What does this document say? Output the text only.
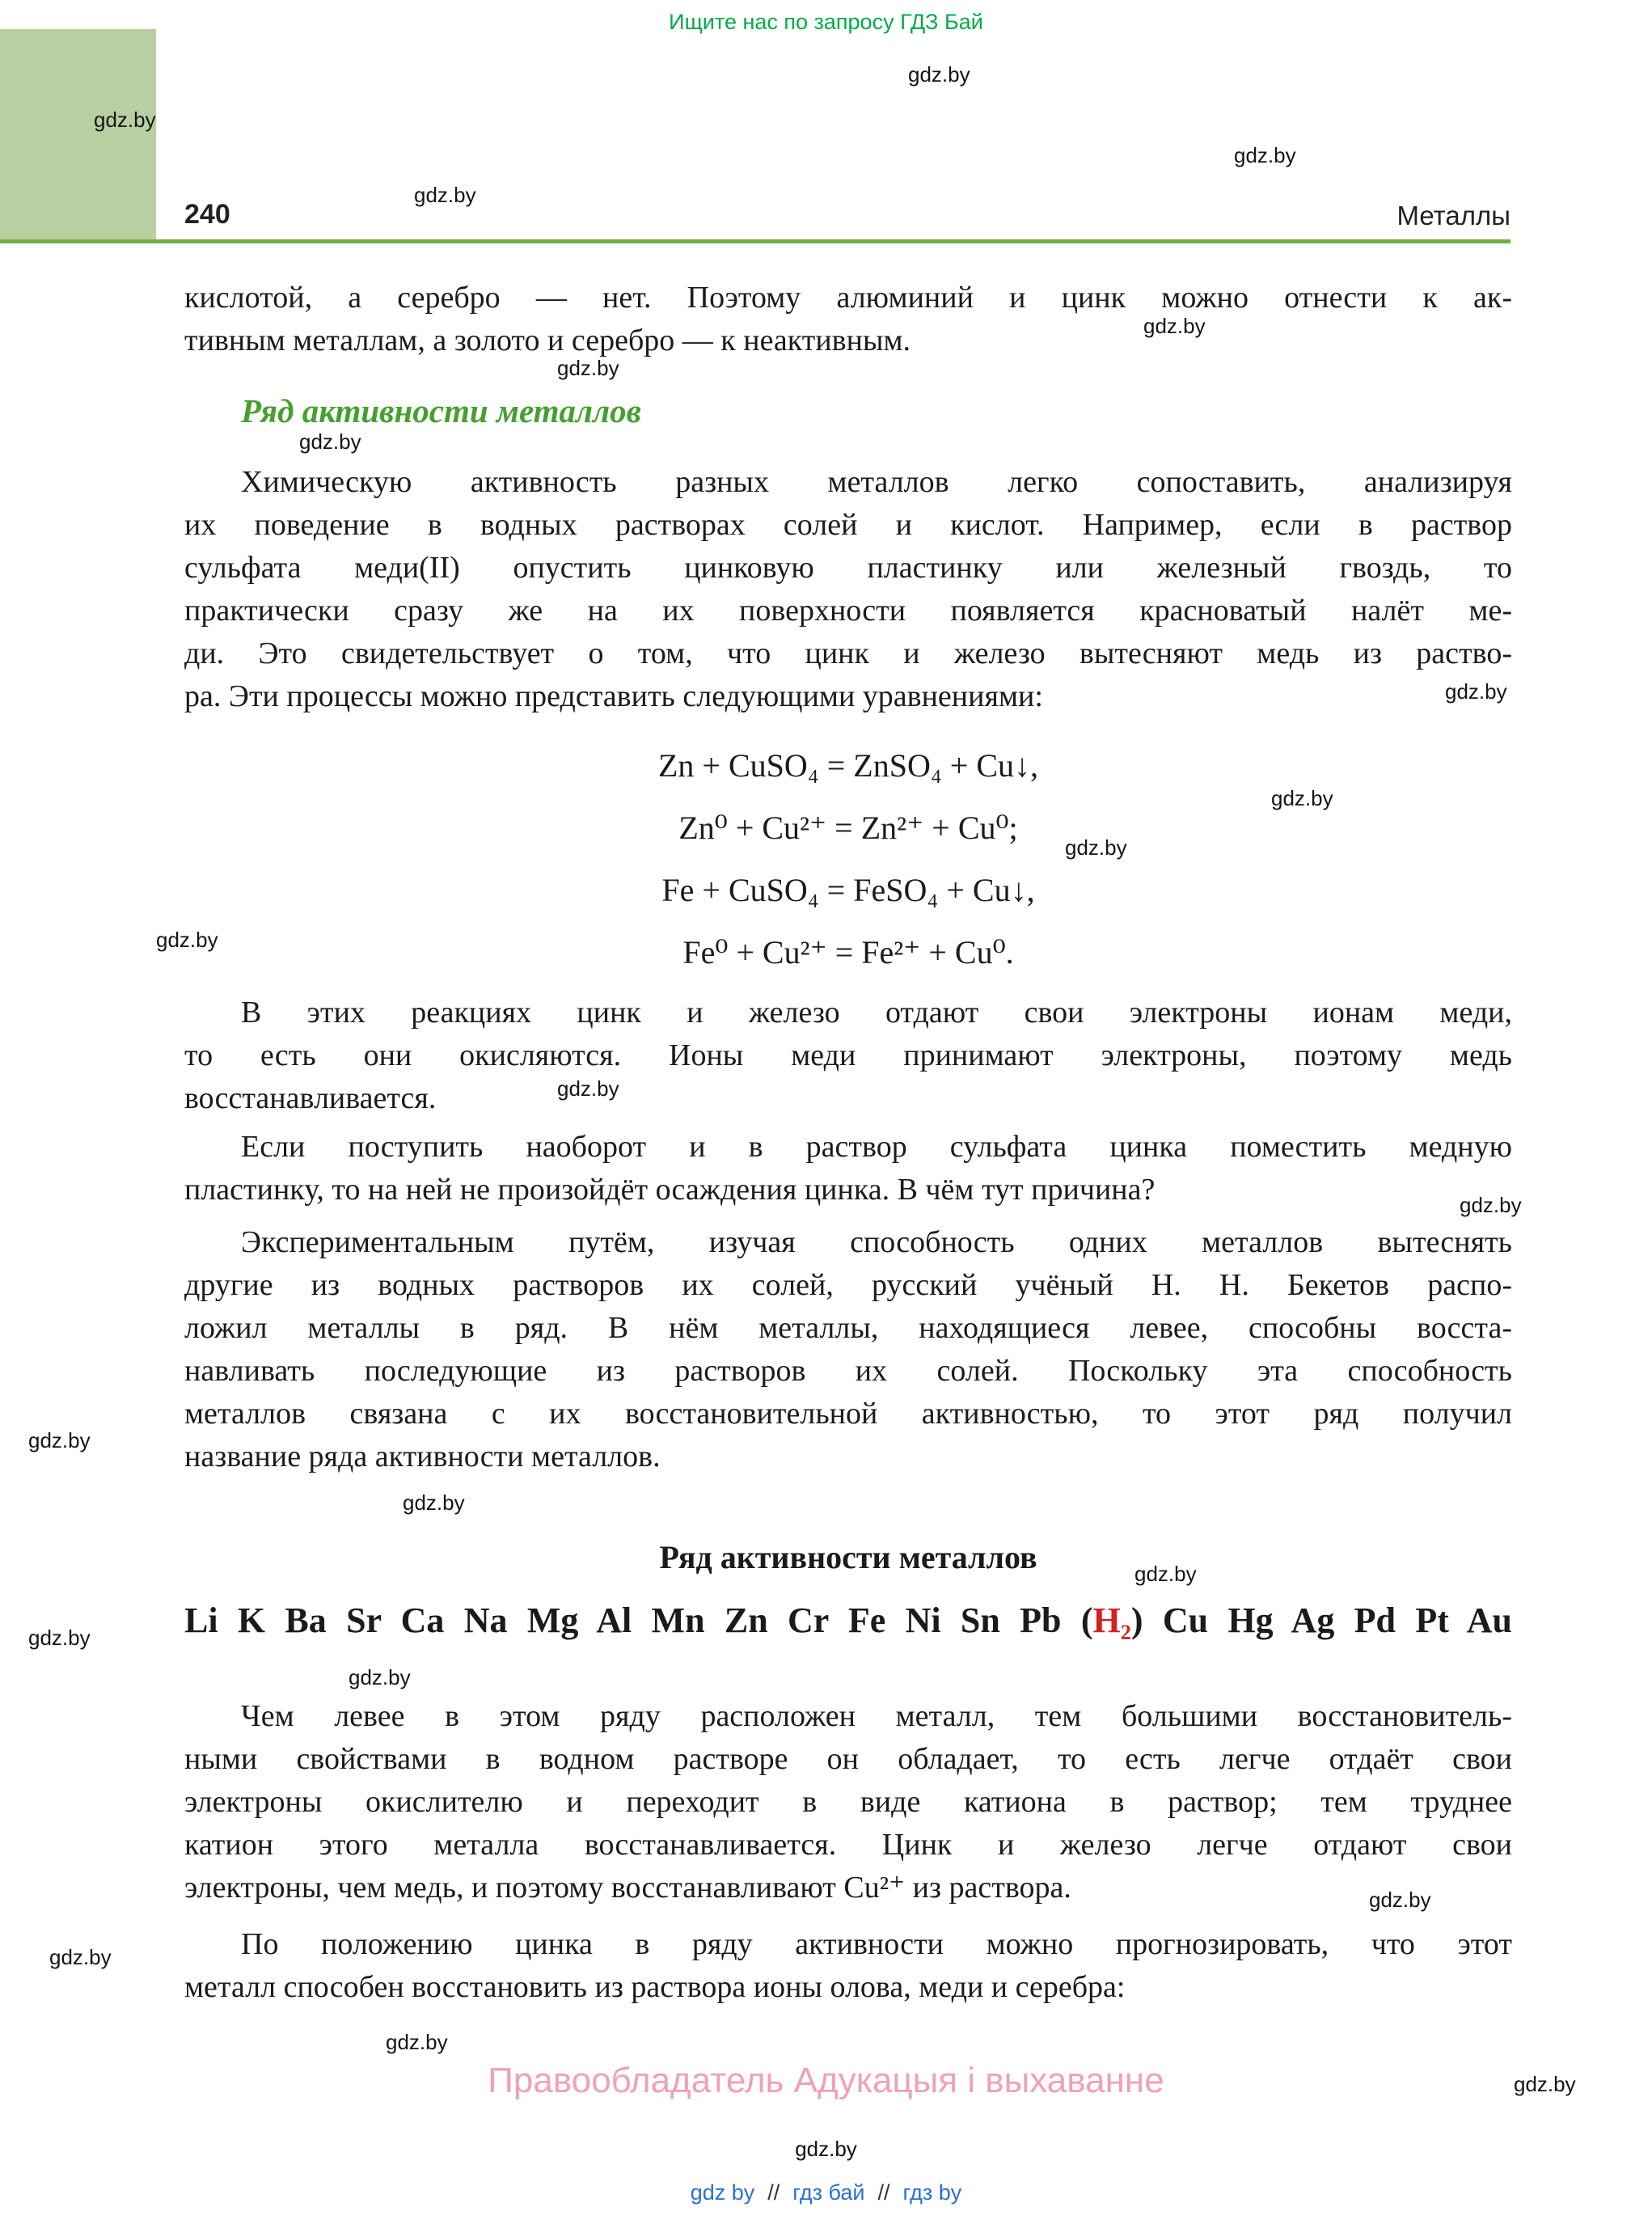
Ищите нас по запросу ГДЗ Бай
240	Металлы
кислотой, а серебро — нет. Поэтому алюминий и цинк можно отнести к ак-
тивным металлам, а золото и серебро — к неактивным.
Ряд активности металлов
Химическую активность разных металлов легко сопоставить, анализируя
их поведение в водных растворах солей и кислот. Например, если в раствор
сульфата меди(II) опустить цинковую пластинку или железный гвоздь, то
практически сразу же на их поверхности появляется красноватый налёт ме-
ди. Это свидетельствует о том, что цинк и железо вытесняют медь из раство-
ра. Эти процессы можно представить следующими уравнениями:
Zn + CuSO₄ = ZnSO₄ + Cu↓,
Zn⁰ + Cu²⁺ = Zn²⁺ + Cu⁰;
Fe + CuSO₄ = FeSO₄ + Cu↓,
Fe⁰ + Cu²⁺ = Fe²⁺ + Cu⁰.
В этих реакциях цинк и железо отдают свои электроны ионам меди,
то есть они окисляются. Ионы меди принимают электроны, поэтому медь
восстанавливается.
Если поступить наоборот и в раствор сульфата цинка поместить медную
пластинку, то на ней не произойдёт осаждения цинка. В чём тут причина?
Экспериментальным путём, изучая способность одних металлов вытеснять
другие из водных растворов их солей, русский учёный Н. Н. Бекетов распо-
ложил металлы в ряд. В нём металлы, находящиеся левее, способны восста-
навливать последующие из растворов их солей. Поскольку эта способность
металлов связана с их восстановительной активностью, то этот ряд получил
название ряда активности металлов.
Ряд активности металлов
Li K Ba Sr Ca Na Mg Al Mn Zn Cr Fe Ni Sn Pb (H₂) Cu Hg Ag Pd Pt Au
Чем левее в этом ряду расположен металл, тем большими восстановитель-
ными свойствами в водном растворе он обладает, то есть легче отдаёт свои
электроны окислителю и переходит в виде катиона в раствор; тем труднее
катион этого металла восстанавливается. Цинк и железо легче отдают свои
электроны, чем медь, и поэтому восстанавливают Cu²⁺ из раствора.
По положению цинка в ряду активности можно прогнозировать, что этот
металл способен восстановить из раствора ионы олова, меди и серебра:
Правообладатель Адукацыя і выхаванне
gdz.by
gdz by // гдз бай // гдз by
gdz.by
gdz.by
gdz.by
gdz.by
gdz.by
gdz.by
gdz.by
gdz.by
gdz.by
gdz.by
gdz.by
gdz.by
gdz.by
gdz.by
gdz.by
gdz.by
gdz.by
gdz.by
gdz.by
gdz.by
gdz.by
gdz.by
